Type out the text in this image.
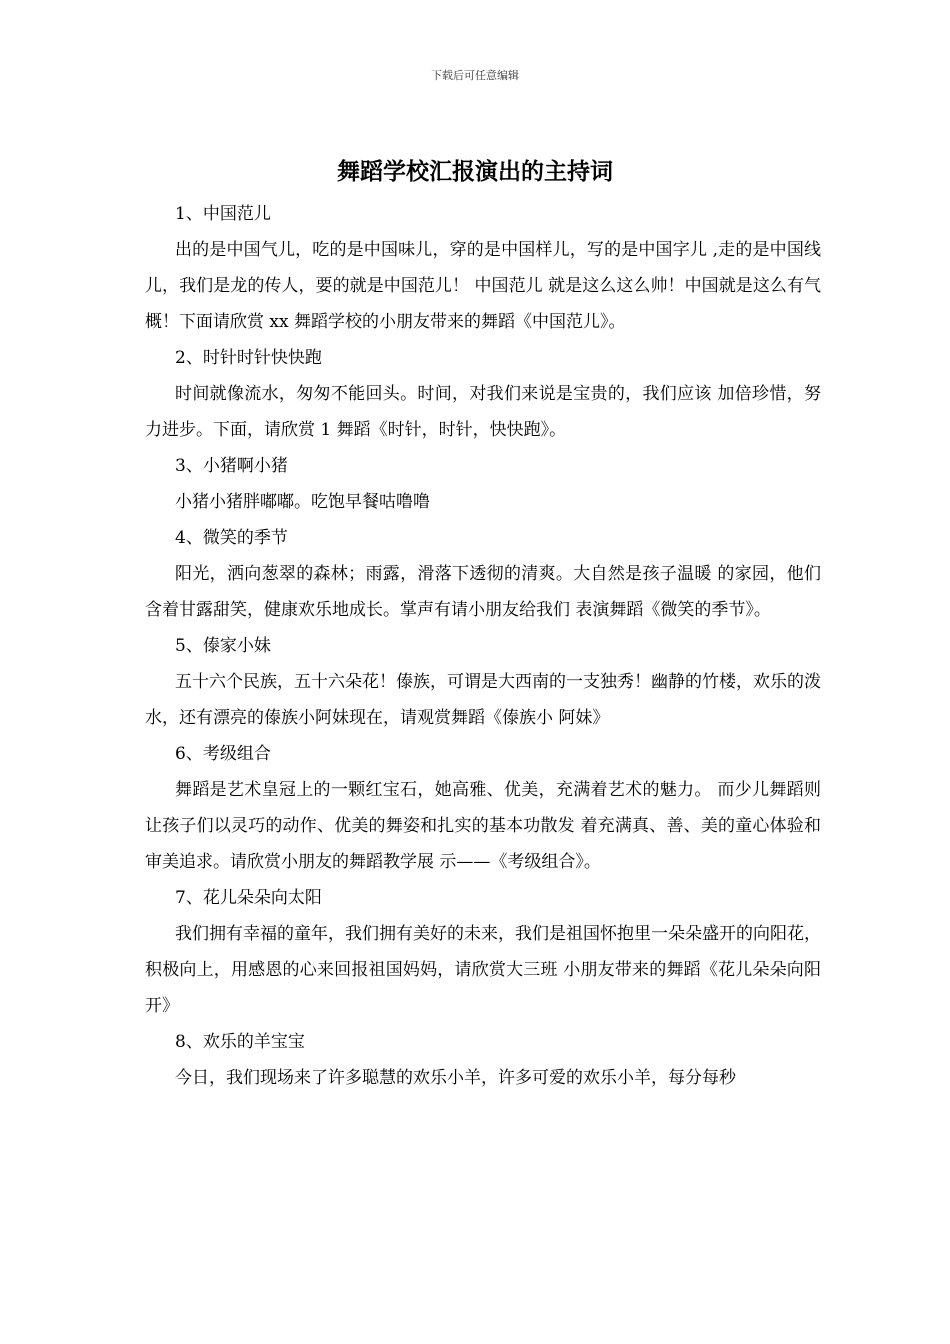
下载后可任意编辑
舞蹈学校汇报演出的主持词

1、中国范儿

出的是中国气儿，吃的是中国味儿，穿的是中国样儿，写的是中国字儿 ,走的是中国线儿，我们是龙的传人，要的就是中国范儿！ 中国范儿 就是这么这么帅！中国就是这么有气概！下面请欣赏 xx 舞蹈学校的小朋友带来的舞蹈《中国范儿》。

2、时针时针快快跑

时间就像流水，匆匆不能回头。时间，对我们来说是宝贵的，我们应该 加倍珍惜，努力进步。下面，请欣赏 1 舞蹈《时针，时针，快快跑》。

3、小猪啊小猪

小猪小猪胖嘟嘟。吃饱早餐咕噜噜

4、微笑的季节

阳光，洒向葱翠的森林；雨露，滑落下透彻的清爽。大自然是孩子温暖 的家园，他们含着甘露甜笑，健康欢乐地成长。掌声有请小朋友给我们 表演舞蹈《微笑的季节》。

5、傣家小妹

五十六个民族，五十六朵花！傣族，可谓是大西南的一支独秀！幽静的竹楼，欢乐的泼水，还有漂亮的傣族小阿妹现在，请观赏舞蹈《傣族小 阿妹》

6、考级组合

舞蹈是艺术皇冠上的一颗红宝石，她高雅、优美，充满着艺术的魅力。 而少儿舞蹈则让孩子们以灵巧的动作、优美的舞姿和扎实的基本功散发 着充满真、善、美的童心体验和审美追求。请欣赏小朋友的舞蹈教学展 示——《考级组合》。

7、花儿朵朵向太阳

我们拥有幸福的童年，我们拥有美好的未来，我们是祖国怀抱里一朵朵盛开的向阳花，积极向上，用感恩的心来回报祖国妈妈，请欣赏大三班 小朋友带来的舞蹈《花儿朵朵向阳开》

8、欢乐的羊宝宝

今日，我们现场来了许多聪慧的欢乐小羊，许多可爱的欢乐小羊，每分每秒
